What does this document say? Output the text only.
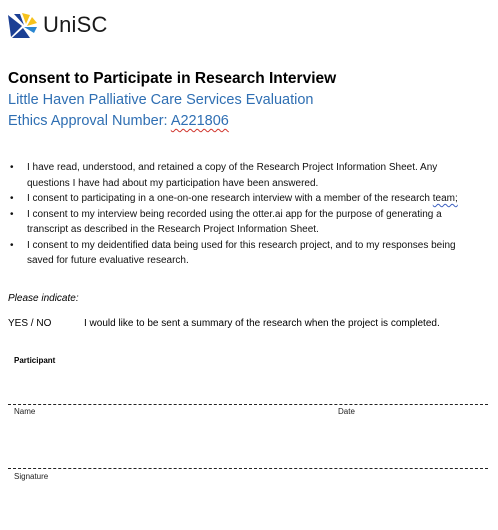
UniSC
Consent to Participate in Research Interview
Little Haven Palliative Care Services Evaluation
Ethics Approval Number: A221806
• I have read, understood, and retained a copy of the Research Project Information Sheet. Any questions I have had about my participation have been answered.
• I consent to participating in a one-on-one research interview with a member of the research team;
• I consent to my interview being recorded using the otter.ai app for the purpose of generating a transcript as described in the Research Project Information Sheet.
• I consent to my deidentified data being used for this research project, and to my responses being saved for future evaluative research.
Please indicate:
YES / NO	I would like to be sent a summary of the research when the project is completed.
Participant
Name	Date
Signature
